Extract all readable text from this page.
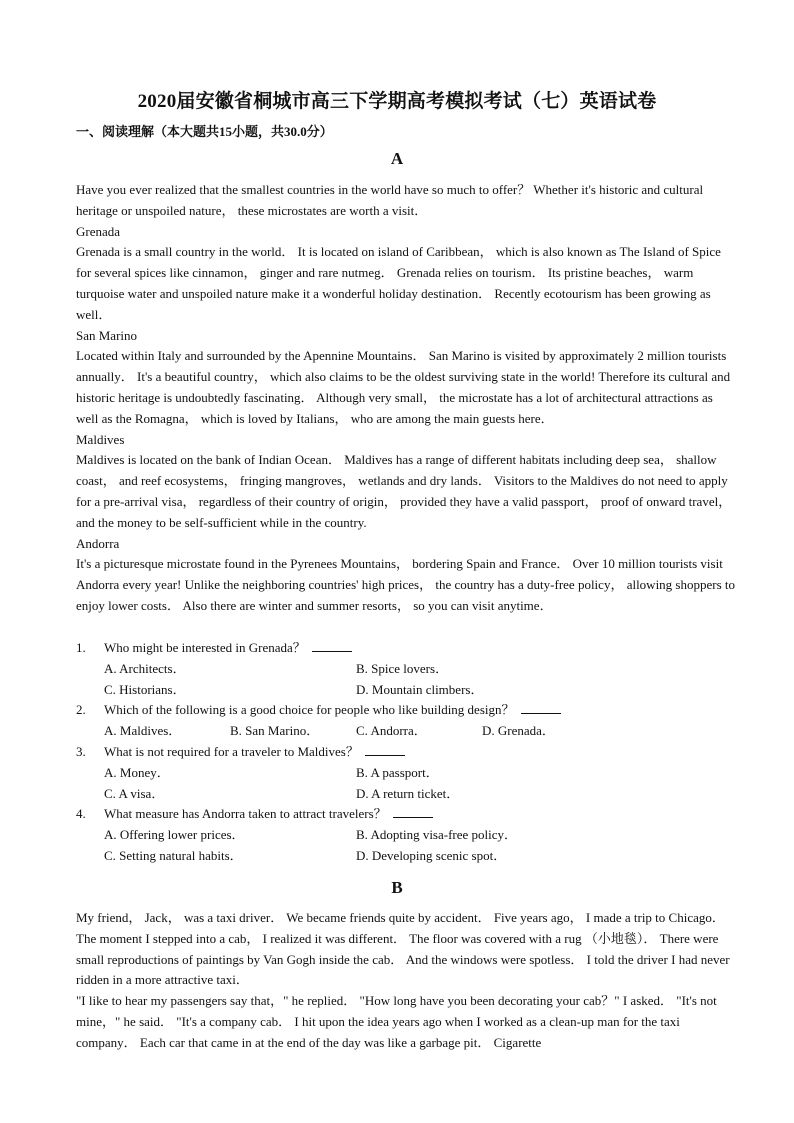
2020届安徽省桐城市高三下学期高考模拟考试（七）英语试卷
一、阅读理解（本大题共15小题，共30.0分）
A

Have you ever realized that the smallest countries in the world have so much to offer？ Whether it's historic and cultural heritage or unspoiled nature， these microstates are worth a visit．

Grenada

Grenada is a small country in the world． It is located on island of Caribbean， which is also known as The Island of Spice for several spices like cinnamon， ginger and rare nutmeg． Grenada relies on tourism． Its pristine beaches， warm turquoise water and unspoiled nature make it a wonderful holiday destination． Recently ecotourism has been growing as well．

San Marino

Located within Italy and surrounded by the Apennine Mountains． San Marino is visited by approximately 2 million tourists annually． It's a beautiful country， which also claims to be the oldest surviving state in the world! Therefore its cultural and historic heritage is undoubtedly fascinating． Although very small， the microstate has a lot of architectural attractions as well as the Romagna， which is loved by Italians， who are among the main guests here．

Maldives

Maldives is located on the bank of Indian Ocean． Maldives has a range of different habitats including deep sea， shallow coast， and reef ecosystems， fringing mangroves， wetlands and dry lands． Visitors to the Maldives do not need to apply for a pre-arrival visa， regardless of their country of origin， provided they have a valid passport， proof of onward travel， and the money to be self-sufficient while in the country.

Andorra

It's a picturesque microstate found in the Pyrenees Mountains， bordering Spain and France． Over 10 million tourists visit Andorra every year! Unlike the neighboring countries' high prices， the country has a duty-free policy， allowing shoppers to enjoy lower costs． Also there are winter and summer resorts， so you can visit anytime．

1. Who might be interested in Grenada？
A. Architects．	B. Spice lovers．
C. Historians．	D. Mountain climbers．
2. Which of the following is a good choice for people who like building design？
A. Maldives．	B. San Marino．	C. Andorra．	D. Grenada．
3. What is not required for a traveler to Maldives？
A. Money．	B. A passport．
C. A visa．	D. A return ticket．
4. What measure has Andorra taken to attract travelers？
A. Offering lower prices．	B. Adopting visa-free policy．
C. Setting natural habits．	D. Developing scenic spot．
B

My friend， Jack， was a taxi driver． We became friends quite by accident． Five years ago， I made a trip to Chicago． The moment I stepped into a cab， I realized it was different． The floor was covered with a rug （小地毯）． There were small reproductions of paintings by Van Gogh inside the cab． And the windows were spotless． I told the driver I had never ridden in a more attractive taxi．

"I like to hear my passengers say that，" he replied． "How long have you been decorating your cab？" I asked． "It's not mine，" he said． "It's a company cab． I hit upon the idea years ago when I worked as a clean-up man for the taxi company． Each car that came in at the end of the day was like a garbage pit． Cigarette
